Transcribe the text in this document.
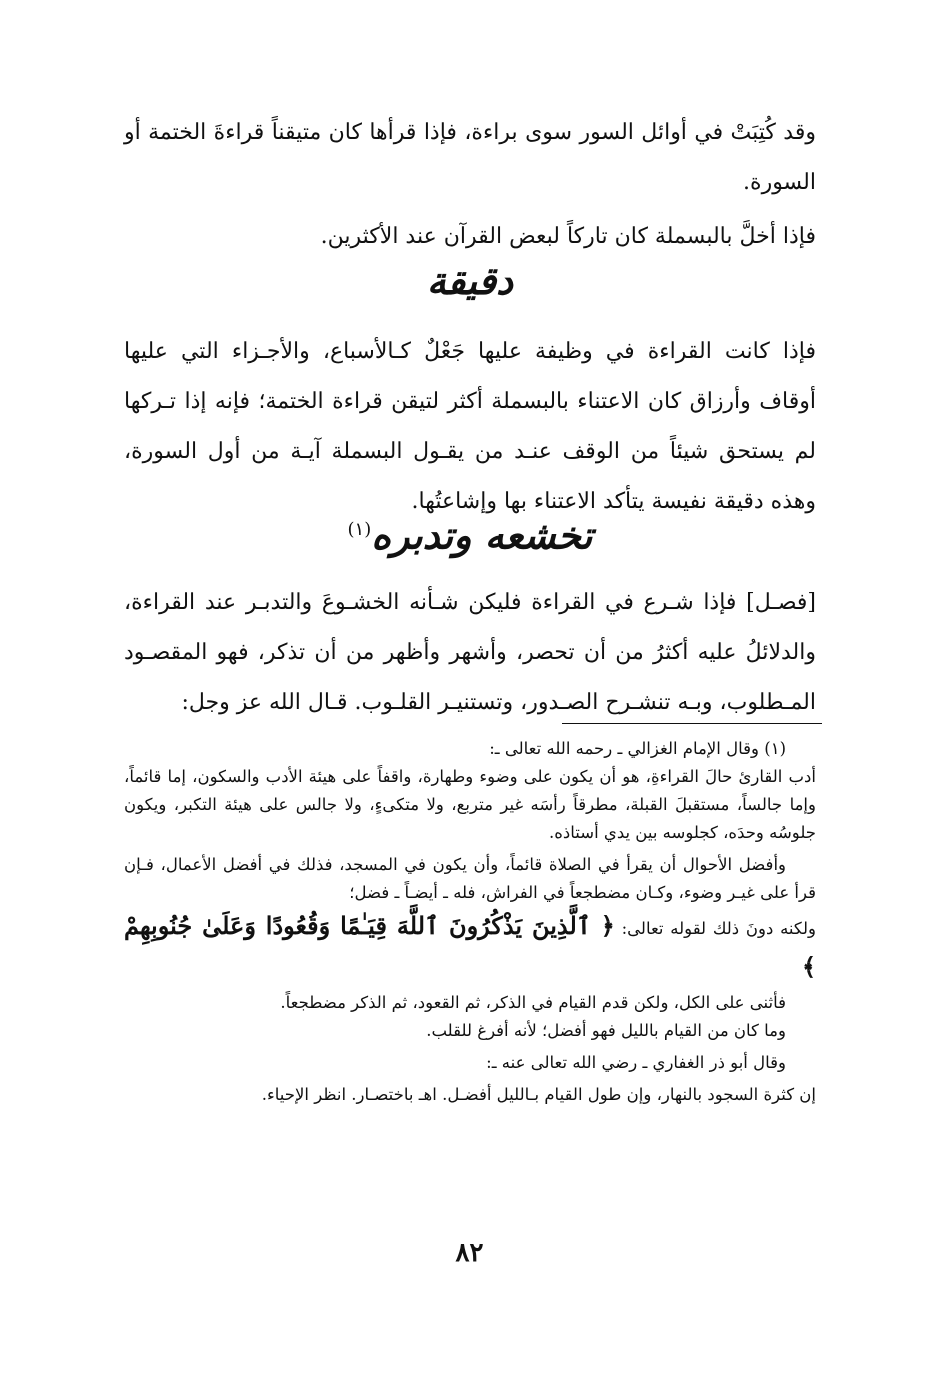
وقد كُتِبَتْ في أوائل السور سوى براءة، فإذا قرأها كان متيقناً قراءةَ الختمة أو السورة.

فإذا أخلَّ بالبسملة كان تاركاً لبعض القرآن عند الأكثرين.

دقيقة

فإذا كانت القراءة في وظيفة عليها جَعْلٌ كـالأسباع، والأجـزاء التي عليها أوقاف وأرزاق كان الاعتناء بالبسملة أكثر لتيقن قراءة الختمة؛ فإنه إذا تـركها لم يستحق شيئاً من الوقف عنـد من يقـول البسملة آيـة من أول السورة، وهذه دقيقة نفيسة يتأكد الاعتناء بها وإشاعتُها.

تخشعه وتدبره$^{(١)}$

[فصـل] فإذا شـرع في القراءة فليكن شـأنه الخشـوعَ والتدبـر عند القراءة، والدلائلُ عليه أكثرُ من أن تحصر، وأشهر وأظهر من أن تذكر، فهو المقصـود المـطلوب، وبـه تنشـرح الصـدور، وتستنيـر القلـوب. قـال الله عز وجل:

(١) وقال الإمام الغزالي ـ رحمه الله تعالى ـ:

أدب القارئ حالَ القراءةِ، هو أن يكون على وضوء وطهارة، واقفاً على هيئة الأدب والسكون، إما قائماً، وإما جالساً، مستقبلَ القبلة، مطرقاً رأسَه غير متربع، ولا متكىءٍ، ولا جالس على هيئة التكبر، ويكون جلوسُه وحدَه، كجلوسه بين يدي أستاذه.

وأفضل الأحوال أن يقرأ في الصلاة قائماً، وأن يكون في المسجد، فذلك في أفضل الأعمال، فـإن قرأ على غيـر وضوء، وكـان مضطجعاً في الفراش، فله ـ أيضـاً ـ فضل؛

ولكنه دونَ ذلك لقوله تعالى: ﴿ ٱلَّذِينَ يَذْكُرُونَ ٱللَّهَ قِيَـٰمًا وَقُعُودًا وَعَلَىٰ جُنُوبِهِمْ ﴾

فأثنى على الكل، ولكن قدم القيام في الذكر، ثم القعود، ثم الذكر مضطجعاً.

وما كان من القيام بالليل فهو أفضل؛ لأنه أفرغ للقلب.

وقال أبو ذر الغفاري ـ رضي الله تعالى عنه ـ:

إن كثرة السجود بالنهار، وإن طول القيام بـالليل أفضـل. اهـ باختصـار. انظر الإحياء.

٨٢
